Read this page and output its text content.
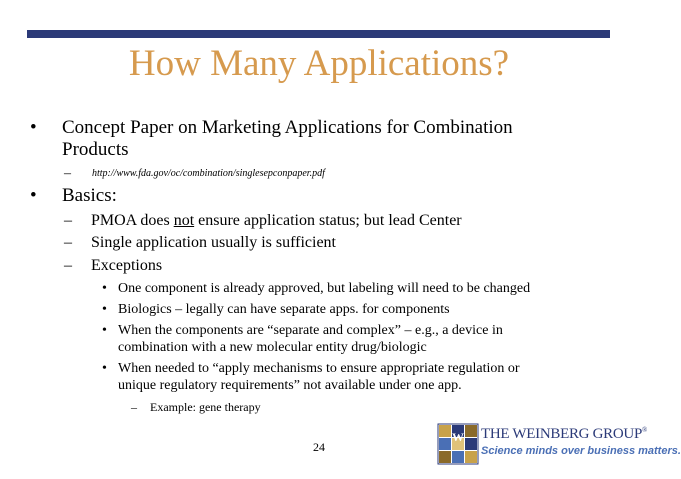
How Many Applications?
• Concept Paper on Marketing Applications for Combination
Products
– http://www.fda.gov/oc/combination/singlesepconpaper.pdf
• Basics:
– PMOA does not ensure application status; but lead Center
– Single application usually is sufficient
– Exceptions
• One component is already approved, but labeling will need to be changed
• Biologics – legally can have separate apps. for components
• When the components are “separate and complex” – e.g., a device in
combination with a new molecular entity drug/biologic
• When needed to “apply mechanisms to ensure appropriate regulation or
unique regulatory requirements” not available under one app.
– Example: gene therapy
24
W THE WEINBERG GROUP®
Science minds over business matters.
